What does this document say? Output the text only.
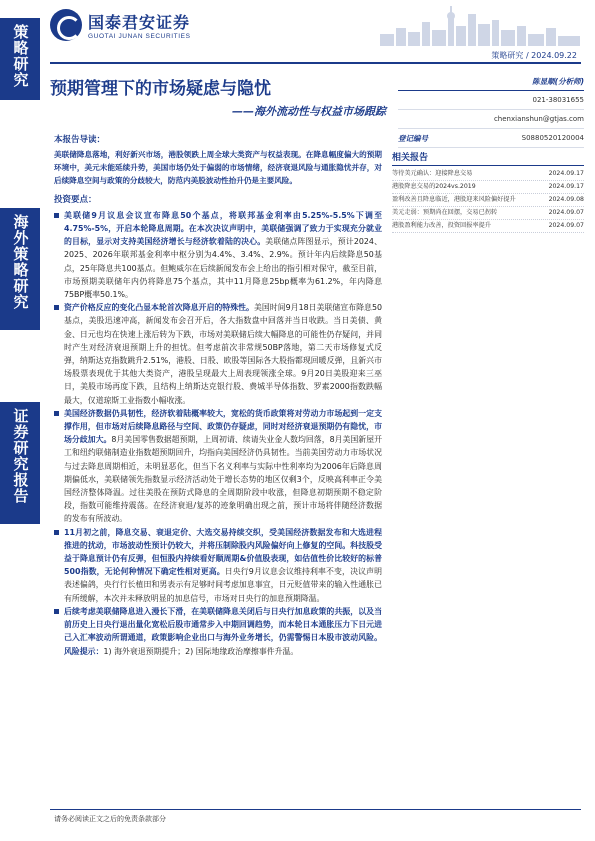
策略研究
海外策略研究
证券研究报告
国泰君安证券
GUOTAI JUNAN SECURITIES
策略研究 / 2024.09.22
预期管理下的市场疑虑与隐忧
——海外流动性与权益市场跟踪
陈显顺(分析师)
021-38031655
chenxianshun@gtjas.com
登记编号	S0880520120004
相关报告
等待美元确认：迎接降息交易	2024.09.17
港股降息交易的2024vs.2019	2024.09.17
盈利改善且降息临近，港股迎来风险偏好提升	2024.09.08
美元走弱：预期尚在回摆，交易已拐转	2024.09.07
港股盈利能力改善，投资回报率提升	2024.09.07
本报告导读：
美联储降息落地，利好新兴市场，港股领跌上周全球大类资产与权益表现。在降息幅度偏大的预期环境中，美元未能延续升势，美国市场仍处于偏弱的市场情绪，经济衰退风险与通胀隐忧并存，对后续降息空间与政策的分歧较大，防范内美股波动性抬升仍是主要风险。
投资要点：
美联储9月议息会议宣布降息50个基点，将联邦基金利率由5.25%-5.5%下调至4.75%-5%，开启本轮降息周期。在本次决议声明中，美联储强调了致力于实现充分就业的目标，显示对支持美国经济增长与经济软着陆的决心。美联储点阵图显示，预计2024、2025、2026年联邦基金利率中枢分别为4.4%、3.4%、2.9%。预计年内后续降息50基点，25年降息共100基点。但鲍威尔在后续新闻发布会上给出的指引相对保守，截至目前，市场预期美联储年内仍将降息75个基点，其中11月降息25bp概率为61.2%，年内降息75BP概率50.1%。
资产价格反应的变化凸显本轮首次降息开启的特殊性。美国时间9月18日美联储宣布降息50基点，美股迅速冲高，新闻发布会召开后，各大指数盘中回落并当日收跌。当日美债、黄金、日元也均在快速上涨后转为下跌，市场对美联储后续大幅降息的可能性仍存疑问，并同时产生对经济衰退预期上升的担忧。但考虑前次非常规50BP落地，第二天市场修复式反弹，纳斯达克指数跳升2.51%，港股、日股、欧股等国际各大股指都现回暖反弹，且新兴市场股票表现优于其他大类资产，港股呈现最大上周表现领涨全球。9月20日美股迎来三巫日，美股市场再度下跌，且结构上纳斯达克银行股、费城半导体指数、罗素2000指数跌幅最大，仅道琼斯工业指数小幅收涨。
美国经济数据仍具韧性，经济软着陆概率较大，宽松的货币政策将对劳动力市场起到一定支撑作用，但市场对后续降息路径与空间、政策仍存疑虑，同时对经济衰退预期仍有隐忧，市场分歧加大。8月美国零售数据超预期，上周初请、续请失业金人数均回落，8月美国新屋开工和纽约联储制造业指数超预期回升，均指向美国经济仍具韧性。当前美国劳动力市场状况与过去降息周期相近，未明显恶化，但当下名义利率与实际中性利率均为2006年后降息周期偏低水，美联储领先指数显示经济活动处于增长态势的地区仅剩3个，反映高利率正令美国经济整体降温。过往美股在预防式降息的全周期阶段中收涨，但降息初期预期不稳定阶段，指数可能维持震荡。在经济衰退/复苏的迹象明确出现之前，预计市场将伴随经济数据的发布有所波动。
11月初之前，降息交易、衰退定价、大选交易持续交织，受美国经济数据发布和大选进程推进的扰动，市场波动性预计仍较大，并将压制除股内风险偏好向上修复的空间。科技股受益于降息预计仍有反弹，但恒股内持续看好顺周期&价值股表现，如估值性价比较好的标普500指数，无论何种情况下确定性相对更高。日央行9月议息会议维持利率不变，决议声明表述偏鸽，央行行长植田和男表示有足够时间考虑加息事宜，日元贬值带来的输入性通胀已有所缓解，本次并未释放明显的加息信号，市场对日央行的加息预期降温。
后续考虑美联储降息进入漫长下滑，在美联储降息关闭后与日央行加息政策的共振，以及当前历史上日央行退出量化宽松后股市通常步入中期回调趋势，而本轮日本通胀压力下日元进己入汇率波动所谓通道，政策影响企业出口与海外业务增长，仍需警惕日本股市波动风险。风险提示：1) 海外衰退预期提升；2) 国际地缘政治摩擦事件升温。
请务必阅读正文之后的免责条款部分
